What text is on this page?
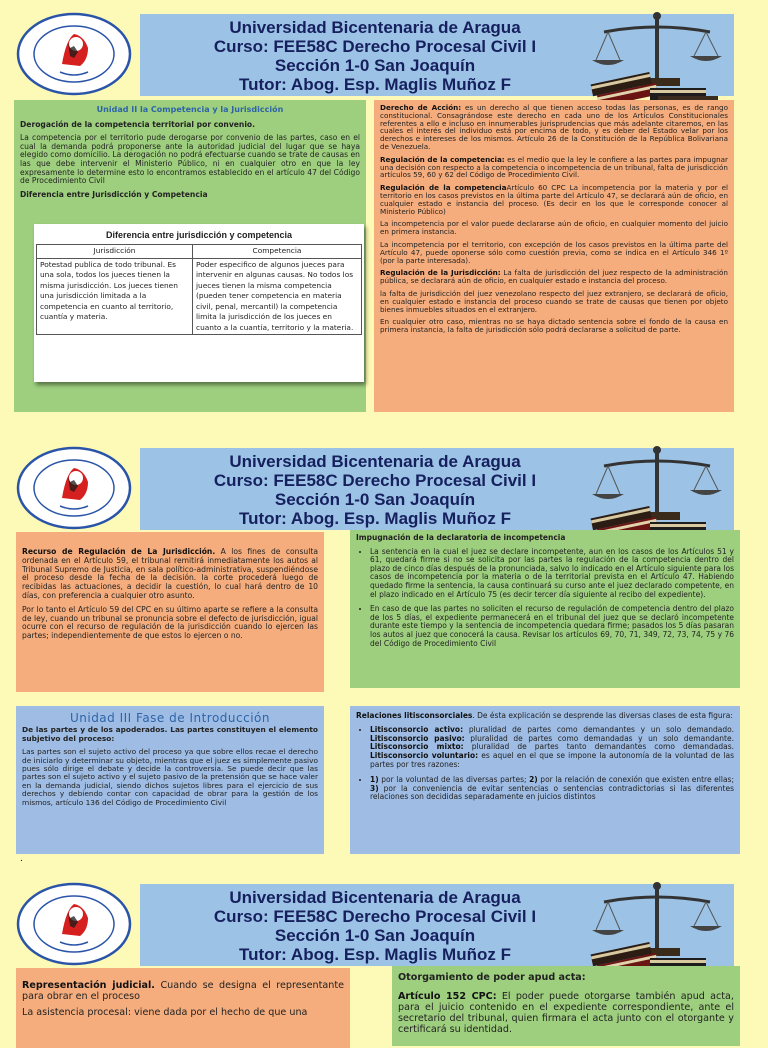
Universidad Bicentenaria de Aragua
Curso: FEE58C Derecho Procesal Civil I
Sección 1-0 San Joaquín
Tutor: Abog. Esp. Maglis Muñoz F
Unidad II la Competencia y la Jurisdicción

Derogación de la competencia territorial por convenio.

La competencia por el territorio pude derogarse por convenio de las partes, caso en el cual la demanda podrá proponerse ante la autoridad judicial del lugar que se haya elegido como domicilio. La derogación no podrá efectuarse cuando se trate de causas en las que debe intervenir el Ministerio Público, ni en cualquier otro en que la ley expresamente lo determine esto lo encontramos establecido en el artículo 47 del Código de Procedimiento Civil

Diferencia entre Jurisdicción y Competencia

Diferencia entre jurisdicción y competencia
Jurisdicción	Competencia
Potestad publica de todo tribunal. Es una sola, todos los jueces tienen la misma jurisdicción. Los jueces tienen una jurisdicción limitada a la competencia en cuanto al territorio, cuantía y materia.	Poder especifico de algunos jueces para intervenir en algunas causas. No todos los jueces tienen la misma competencia (pueden tener competencia en materia civil, penal, mercantil) la competencia limita la jurisdicción de los jueces en cuanto a la cuantía, territorio y la materia.

Derecho de Acción: es un derecho al que tienen acceso todas las personas, es de rango constitucional. Consagrándose este derecho en cada uno de los Artículos Constitucionales referentes a ello e incluso en innumerables jurisprudencias que más adelante citaremos, en las cuales el interés del individuo está por encima de todo, y es deber del Estado velar por los derechos e intereses de los mismos. Artículo 26 de la Constitución de la República Bolivariana de Venezuela.

Regulación de la competencia: es el medio que la ley le confiere a las partes para impugnar una decisión con respecto a la competencia o incompetencia de un tribunal, falta de jurisdicción artículos 59, 60 y 62 del Código de Procedimiento Civil.

Regulación de la competenciaArtículo 60 CPC La incompetencia por la materia y por el territorio en los casos previstos en la última parte del Artículo 47, se declarará aún de oficio, en cualquier estado e instancia del proceso. (Es decir en los que le corresponde conocer al Ministerio Público)

La incompetencia por el valor puede declararse aún de oficio, en cualquier momento del juicio en primera instancia.

La incompetencia por el territorio, con excepción de los casos previstos en la última parte del Artículo 47, puede oponerse sólo como cuestión previa, como se indica en el Artículo 346 1º (por la parte interesada).

Regulación de la Jurisdicción: La falta de jurisdicción del juez respecto de la administración pública, se declarará aún de oficio, en cualquier estado e instancia del proceso.

la falta de jurisdicción del juez venezolano respecto del juez extranjero, se declarará de oficio, en cualquier estado e instancia del proceso cuando se trate de causas que tienen por objeto bienes inmuebles situados en el extranjero.

En cualquier otro caso, mientras no se haya dictado sentencia sobre el fondo de la causa en primera instancia, la falta de jurisdicción sólo podrá declararse a solicitud de parte.

Universidad Bicentenaria de Aragua
Curso: FEE58C Derecho Procesal Civil I
Sección 1-0 San Joaquín
Tutor: Abog. Esp. Maglis Muñoz F

Recurso de Regulación de La Jurisdicción. A los fines de consulta ordenada en el Artículo 59, el tribunal remitirá inmediatamente los autos al Tribunal Supremo de Justicia, en sala político-administrativa, suspendiéndose el proceso desde la fecha de la decisión. la corte procederá luego de recibidas las actuaciones, a decidir la cuestión, lo cual hará dentro de 10 días, con preferencia a cualquier otro asunto.

Por lo tanto el Artículo 59 del CPC en su último aparte se refiere a la consulta de ley, cuando un tribunal se pronuncia sobre el defecto de jurisdicción, igual ocurre con el recurso de regulación de la jurisdicción cuando lo ejercen las partes; independientemente de que estos lo ejercen o no.

Unidad III Fase de Introducción

De las partes y de los apoderados. Las partes constituyen el elemento subjetivo del proceso:

Las partes son el sujeto activo del proceso ya que sobre ellos recae el derecho de iniciarlo y determinar su objeto, mientras que el juez es simplemente pasivo pues sólo dirige el debate y decide la controversia. Se puede decir que las partes son el sujeto activo y el sujeto pasivo de la pretensión que se hace valer en la demanda judicial, siendo dichos sujetos libres para el ejercicio de sus derechos y debiendo contar con capacidad de obrar para la gestión de los mismos, artículo 136 del Código de Procedimiento Civil

.

Impugnación de la declaratoria de incompetencia

• La sentencia en la cual el juez se declare incompetente, aun en los casos de los Artículos 51 y 61, quedará firme si no se solicita por las partes la regulación de la competencia dentro del plazo de cinco días después de la pronunciada, salvo lo indicado en el Artículo siguiente para los casos de incompetencia por la materia o de la territorial prevista en el Artículo 47. Habiendo quedado firme la sentencia, la causa continuará su curso ante el juez declarado competente, en el plazo indicado en el Artículo 75 (es decir tercer día siguiente al recibo del expediente).
• En caso de que las partes no soliciten el recurso de regulación de competencia dentro del plazo de los 5 días, el expediente permanecerá en el tribunal del juez que se declaró incompetente durante este tiempo y la sentencia de incompetencia quedara firme; pasados los 5 días pasaran los autos al juez que conocerá la causa. Revisar los artículos 69, 70, 71, 349, 72, 73, 74, 75 y 76 del Código de Procedimiento Civil

Relaciones litisconsorciales. De ésta explicación se desprende las diversas clases de esta figura:

• Litisconsorcio activo: pluralidad de partes como demandantes y un solo demandado. Litisconsorcio pasivo: pluralidad de partes como demandadas y un solo demandante. Litisconsorcio mixto: pluralidad de partes tanto demandantes como demandadas. Litisconsorcio voluntario: es aquel en el que se impone la autonomía de la voluntad de las partes por tres razones:
• 1) por la voluntad de las diversas partes; 2) por la relación de conexión que existen entre ellas; 3) por la conveniencia de evitar sentencias o sentencias contradictorias si las diferentes relaciones son decididas separadamente en juicios distintos
Universidad Bicentenaria de Aragua
Curso: FEE58C Derecho Procesal Civil I
Sección 1-0 San Joaquín
Tutor: Abog. Esp. Maglis Muñoz F

Representación judicial. Cuando se designa el representante para obrar en el proceso

La asistencia procesal: viene dada por el hecho de que una

Otorgamiento de poder apud acta:

Artículo 152 CPC: El poder puede otorgarse también apud acta, para el juicio contenido en el expediente correspondiente, ante el secretario del tribunal, quien firmara el acta junto con el otorgante y certificará su identidad.
